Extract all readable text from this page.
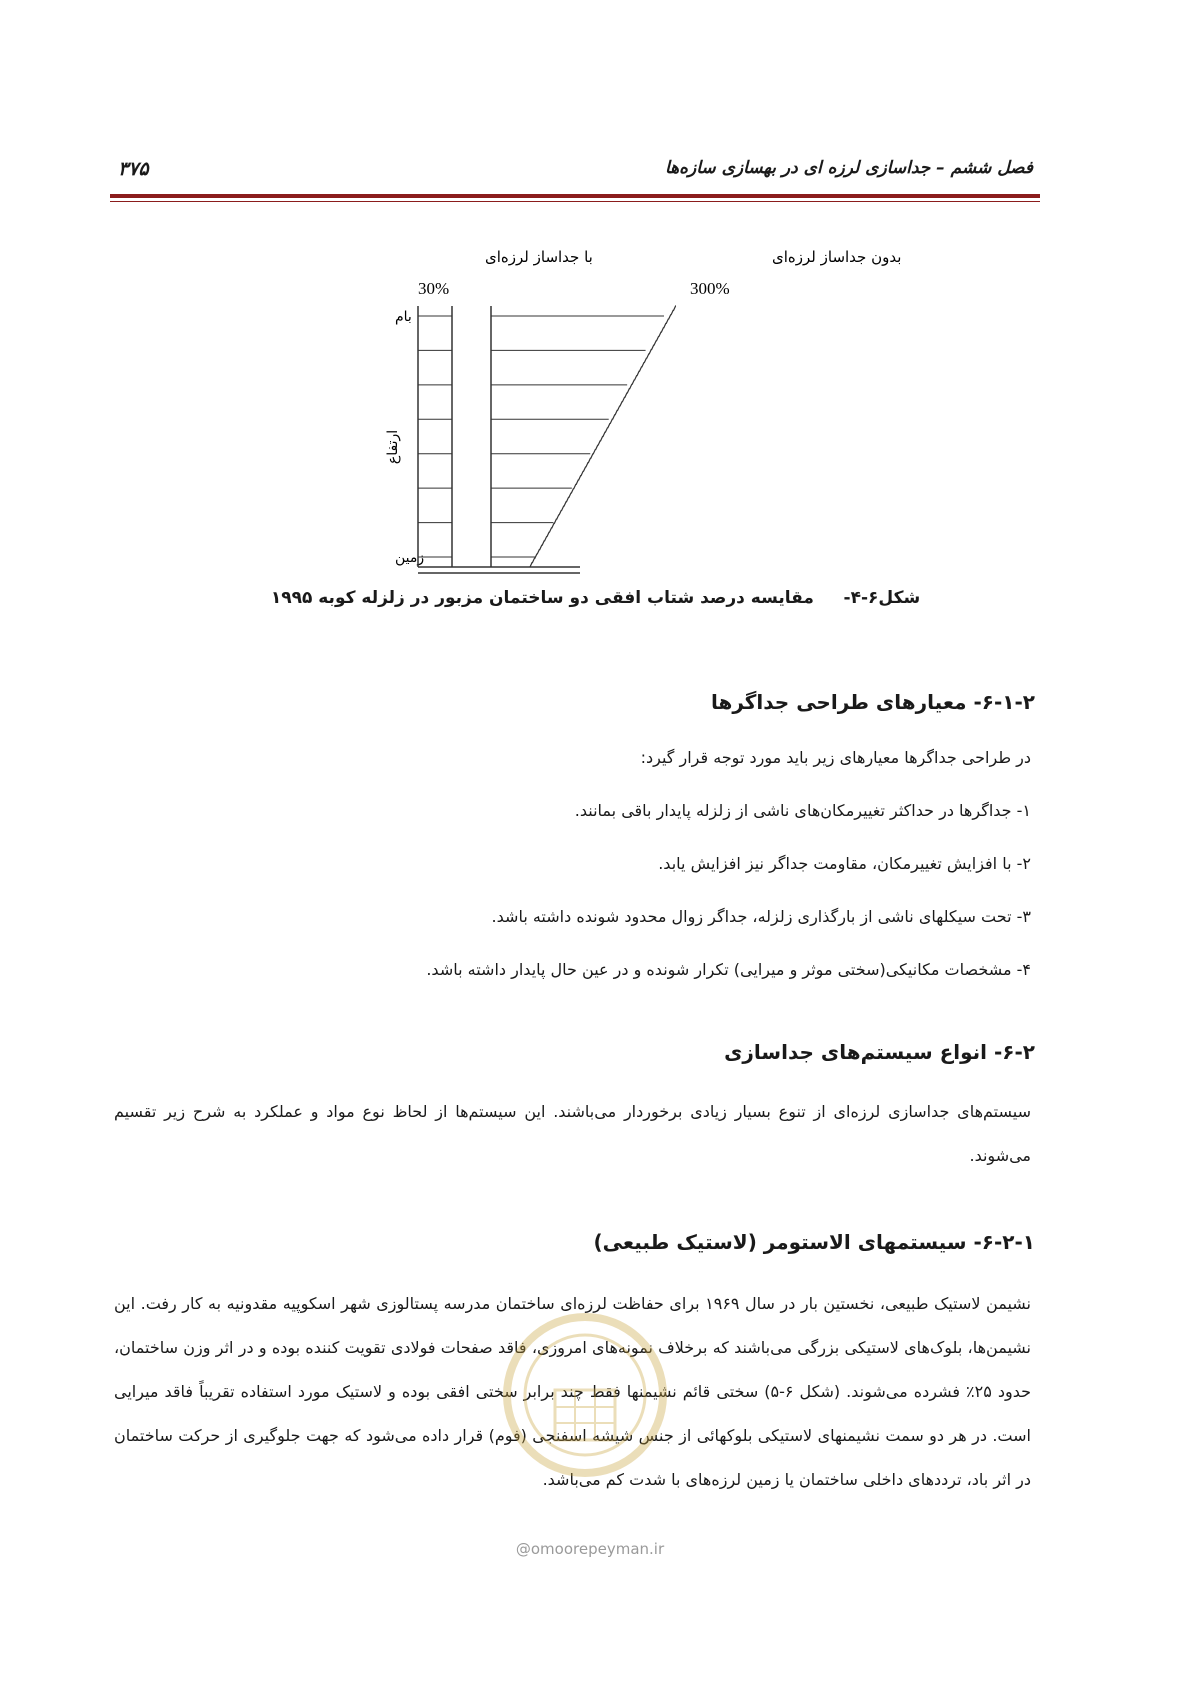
فصل ششم – جداسازی لرزه ای در بهسازی سازه‌ها
۳۷۵
با جداساز لرزه‌ای	بدون جداساز لرزه‌ای
30%	300%
بام
ارتفاع
زمین
شکل۶-۴-     مقایسه درصد شتاب افقی دو ساختمان مزبور در زلزله کوبه ۱۹۹۵
۶-۱-۲- معیارهای طراحی جداگرها
در طراحی جداگرها معیارهای زیر باید مورد توجه قرار گیرد:
۱- جداگرها در حداکثر تغییرمکان‌های ناشی از زلزله پایدار باقی بمانند.
۲- با افزایش تغییرمکان، مقاومت جداگر نیز افزایش یابد.
۳- تحت سیکلهای ناشی از بارگذاری زلزله، جداگر زوال محدود شونده داشته باشد.
۴- مشخصات مکانیکی(سختی موثر و میرایی) تکرار شونده و در عین حال پایدار داشته باشد.
۶-۲- انواع سیستم‌های جداسازی

سیستم‌های جداسازی لرزه‌ای از تنوع بسیار زیادی برخوردار می‌باشند. این سیستم‌ها از لحاظ نوع مواد و عملکرد به شرح زیر تقسیم می‌شوند.

۶-۲-۱- سیستمهای الاستومر (لاستیک طبیعی)

نشیمن لاستیک طبیعی، نخستین بار در سال ۱۹۶۹ برای حفاظت لرزه‌ای ساختمان مدرسه پستالوزی شهر اسکوپیه مقدونیه به کار رفت. این نشیمن‌ها، بلوک‌های لاستیکی بزرگی می‌باشند که برخلاف نمونه‌های امروزی، فاقد صفحات فولادی تقویت کننده بوده و در اثر وزن ساختمان، حدود ۲۵٪ فشرده می‌شوند. (شکل ۶-۵) سختی قائم نشیمنها فقط چند برابر سختی افقی بوده و لاستیک مورد استفاده تقریباً فاقد میرایی است. در هر دو سمت نشیمنهای لاستیکی بلوکهائی از جنس شیشه اسفنجی (فوم) قرار داده می‌شود که جهت جلوگیری از حرکت ساختمان در اثر باد، ترددهای داخلی ساختمان یا زمین لرزه‌های با شدت کم می‌باشد.

@omoorepeyman.ir
